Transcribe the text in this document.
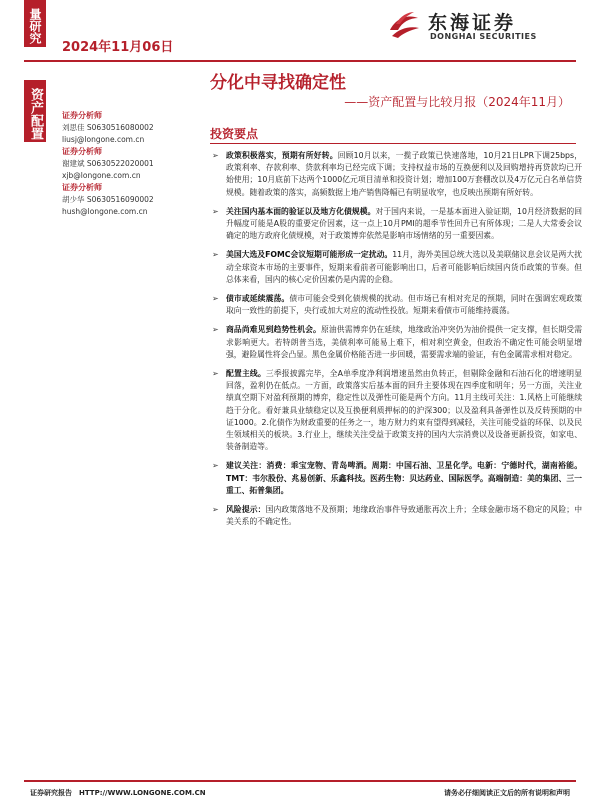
量研究
资产配置
2024年11月06日
东海证券
DONGHAI SECURITIES
分化中寻找确定性
——资产配置与比较月报（2024年11月）
证券分析师
刘思佳 S0630516080002
liusj@longone.com.cn
证券分析师
谢建斌 S0630522020001
xjb@longone.com.cn
证券分析师
胡少华 S0630516090002
hush@longone.com.cn
投资要点
➢ 政策积极落实，预期有所好转。回顾10月以来，一揽子政策已快速落地，10月21日LPR下调25bps，政策利率、存款利率、贷款利率均已经完成下调；支持权益市场的互换便利以及回购增持再贷款均已开始使用；10月底前下达两个1000亿元项目清单和投资计划；增加100万套棚改以及4万亿元白名单信贷规模。随着政策的落实，高频数据上地产销售降幅已有明显收窄，也反映出预期有所好转。
➢ 关注国内基本面的验证以及地方化债规模。对于国内来说，一是基本面进入验证期，10月经济数据的回升幅度可能是A股的重要定价因素，这一点上10月PMI的超季节性回升已有所体现；二是人大常委会议确定的地方政府化债规模，对于政策博弈依然是影响市场情绪的另一重要因素。
➢ 美国大选及FOMC会议短期可能形成一定扰动。11月，海外美国总统大选以及美联储议息会议是两大扰动全球资本市场的主要事件，短期来看前者可能影响出口，后者可能影响后续国内货币政策的节奏。但总体来看，国内的核心定价因素仍是内需的企稳。
➢ 债市或延续震荡。债市可能会受到化债规模的扰动。但市场已有相对充足的预期，同时在强调宏观政策取向一致性的前提下，央行或加大对应的流动性投放。短期来看债市可能维持震荡。
➢ 商品尚难见到趋势性机会。原油供需博弈仍在延续，地缘政治冲突仍为油价提供一定支撑，但长期受需求影响更大。若特朗普当选，美债利率可能易上难下，相对利空黄金，但政治不确定性可能会明显增强，避险属性将会凸显。黑色金属价格能否进一步回暖，需要需求端的验证，有色金属需求相对稳定。
➢ 配置主线。三季报披露完毕，全A单季度净利润增速虽然由负转正，但剔除金融和石油石化的增速明显回落，盈利仍在低点。一方面，政策落实后基本面的回升主要体现在四季度和明年；另一方面，关注业绩真空期下对盈利预期的博弈，稳定性以及弹性可能是两个方向。11月主线可关注：1.风格上可能继续趋于分化。看好兼具业绩稳定以及互换便利质押标的的沪深300；以及盈利具备弹性以及反转预期的中证1000。2.化债作为财政重要的任务之一，地方财力约束有望得到减轻，关注可能受益的环保、以及民生领域相关的板块。3.行业上，继续关注受益于政策支持的国内大宗消费以及设备更新投资，如家电、装备制造等。
➢ 建议关注：消费：乖宝宠物、青岛啤酒。周期：中国石油、卫星化学。电新：宁德时代，湖南裕能。TMT：韦尔股份、兆易创新、乐鑫科技。医药生物：贝达药业、国际医学。高端制造：美的集团、三一重工、拓普集团。
➢ 风险提示：国内政策落地不及预期；地缘政治事件导致通胀再次上升；全球金融市场不稳定的风险；中美关系的不确定性。
证券研究报告　HTTP://WWW.LONGONE.COM.CN	请务必仔细阅读正文后的所有说明和声明
